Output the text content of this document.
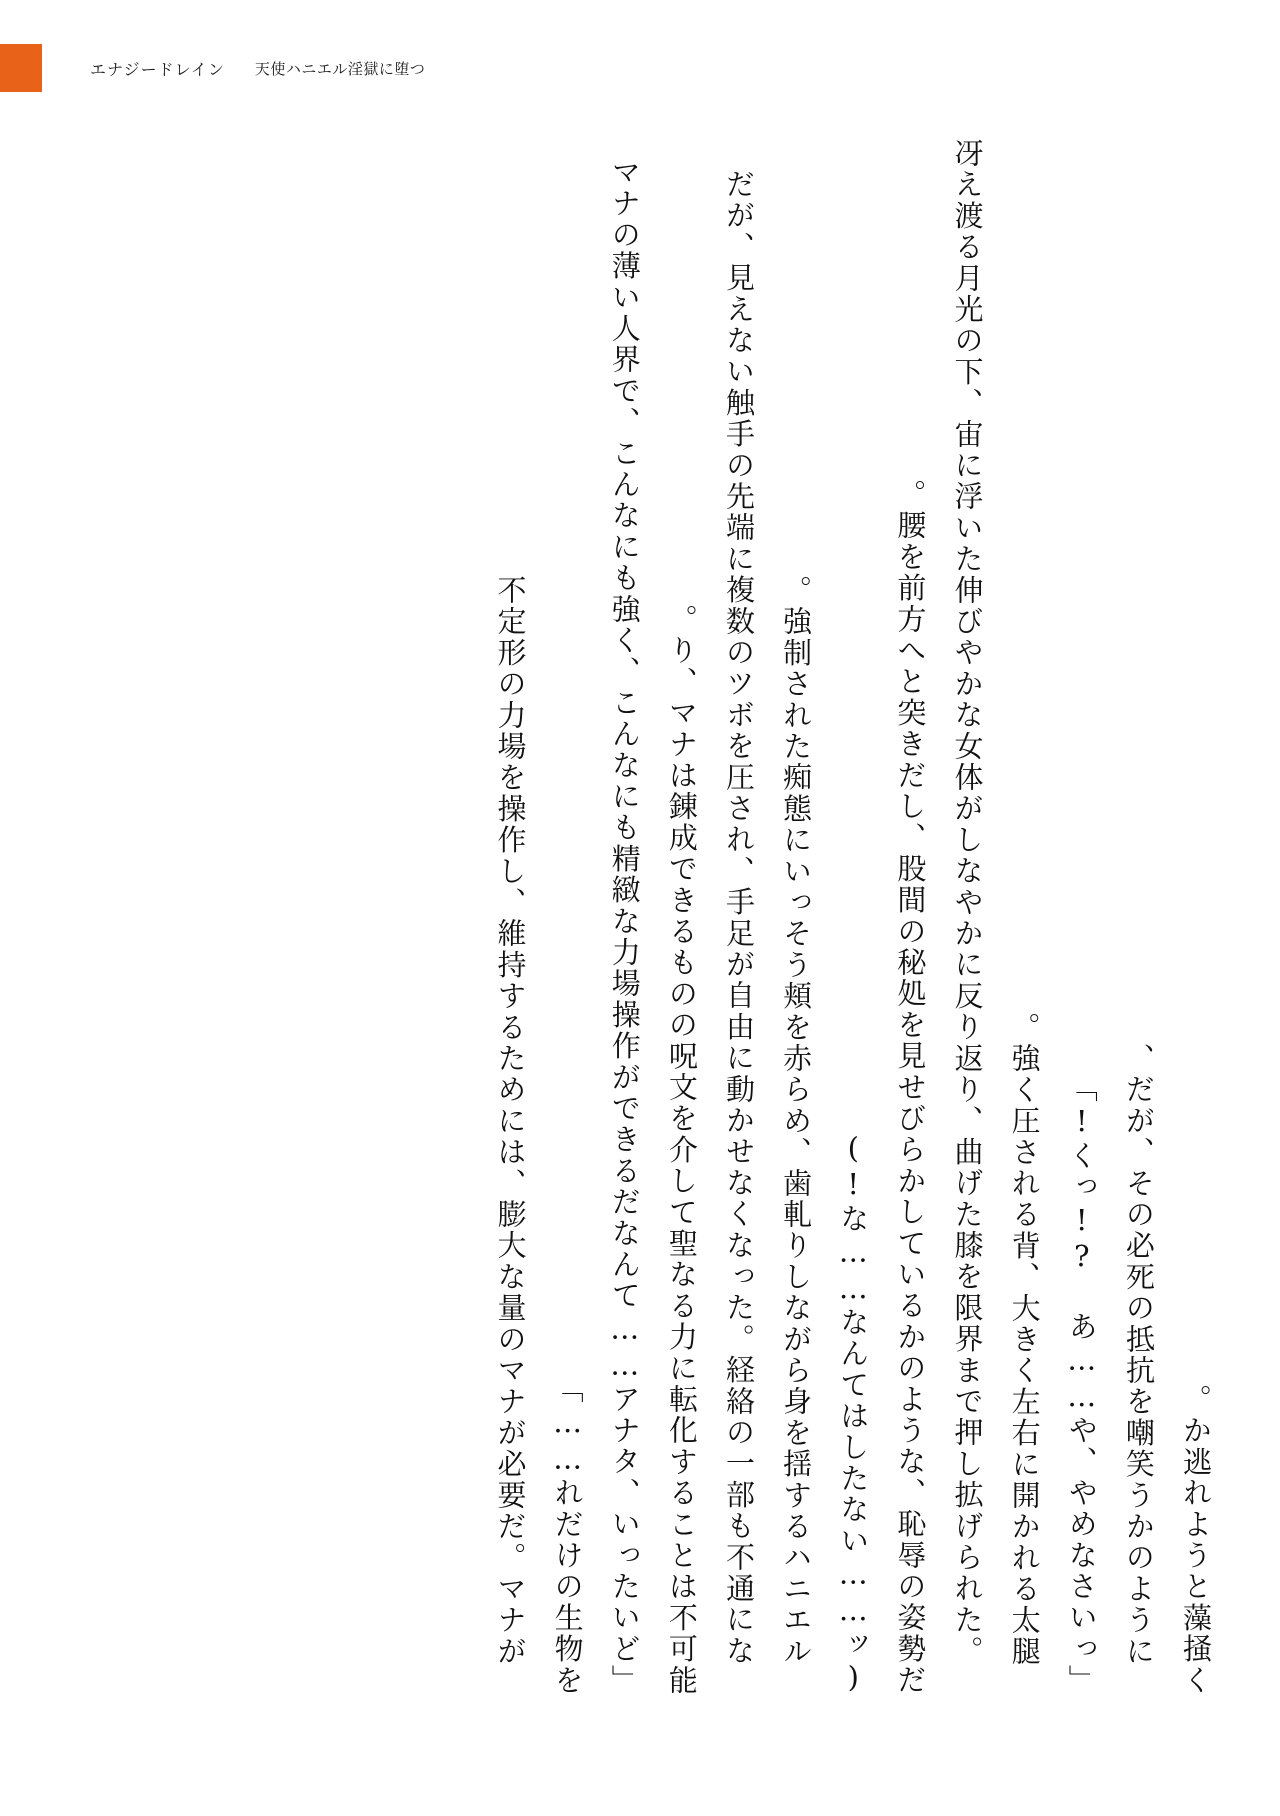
エナジードレイン 天使ハニエル淫獄に堕つ

か逃れようと藻掻く。

だが、その必死の抵抗を嘲笑うかのように、

「くっ!? あ……や、やめなさいっ!」

強く圧される背、大きく左右に開かれる太腿。

冴え渡る月光の下、宙に浮いた伸びやかな女体がしなやかに反り返り、曲げた膝を限界まで押し拡げられた。腰を前方へと突きだし、股間の秘処を見せびらかしているかのような、恥辱の姿勢だ。

(な……なんてはしたない……ッ!)

強制された痴態にいっそう頬を赤らめ、歯軋りしながら身を揺するハニエル。

だが、見えない触手の先端に複数のツボを圧され、手足が自由に動かせなくなった。経絡の一部も不通になり、マナは錬成できるものの呪文を介して聖なる力に転化することは不可能。

「マナの薄い人界で、こんなにも強く、こんなにも精緻な力場操作ができるだなんて……アナタ、いったいどれだけの生物を……」

不定形の力場を操作し、維持するためには、膨大な量のマナが必要だ。マナが
